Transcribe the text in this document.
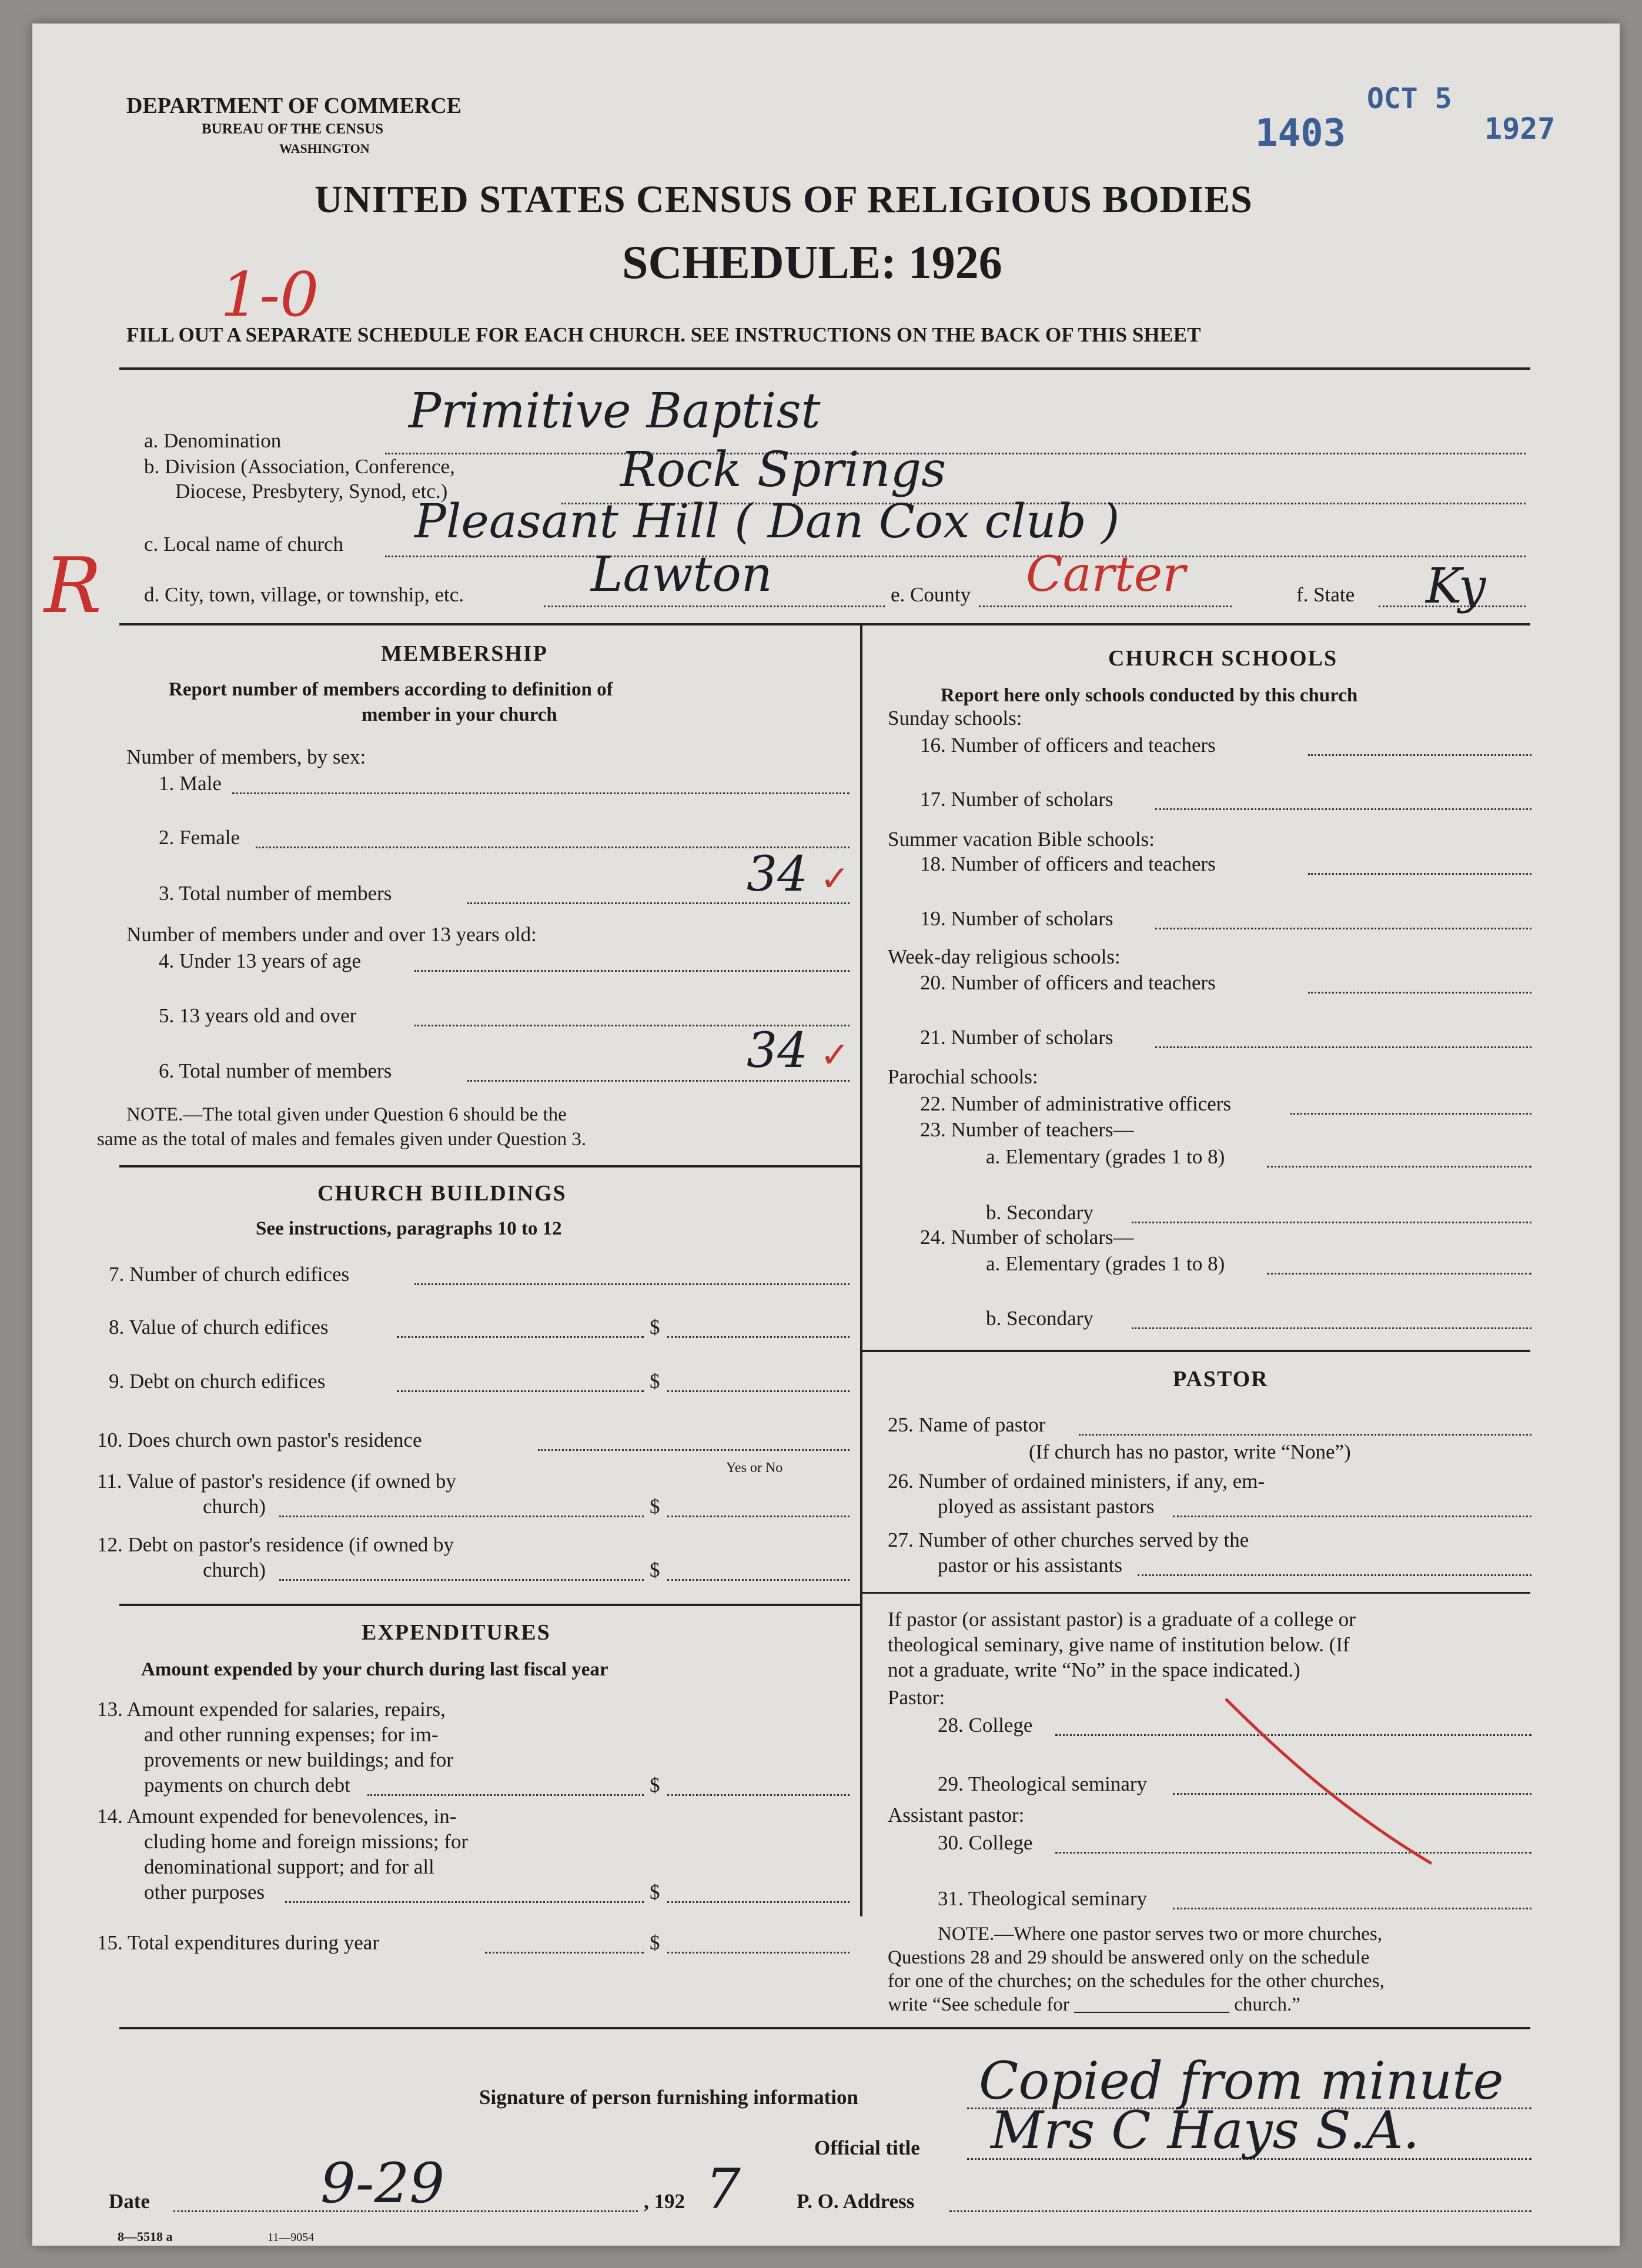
DEPARTMENT OF COMMERCE
BUREAU OF THE CENSUS
WASHINGTON
UNITED STATES CENSUS OF RELIGIOUS BODIES
SCHEDULE: 1926
FILL OUT A SEPARATE SCHEDULE FOR EACH CHURCH. SEE INSTRUCTIONS ON THE BACK OF THIS SHEET
1403
OCT 5
1927
1-0
R
a. Denomination
Primitive Baptist
b. Division (Association, Conference,
Diocese, Presbytery, Synod, etc.)	Rock Springs
c. Local name of church Pleasant Hill ( Dan Cox club )
d. City, town, village, or township, etc.	Lawton	e. County Carter	f. State Ky
MEMBERSHIP
Report number of members according to definition of
member in your church
Number of members, by sex:
1. Male
2. Female
3. Total number of members	34 ✓
Number of members under and over 13 years old:
4. Under 13 years of age
5. 13 years old and over
6. Total number of members	34 ✓
NOTE.—The total given under Question 6 should be the
same as the total of males and females given under Question 3.
CHURCH BUILDINGS
See instructions, paragraphs 10 to 12
7. Number of church edifices
8. Value of church edifices	$
9. Debt on church edifices	$
10. Does church own pastor's residence
Yes or No
11. Value of pastor's residence (if owned by
church)	$
12. Debt on pastor's residence (if owned by
church)	$
EXPENDITURES
Amount expended by your church during last fiscal year
13. Amount expended for salaries, repairs,
and other running expenses; for im-
provements or new buildings; and for
payments on church debt	$
14. Amount expended for benevolences, in-
cluding home and foreign missions; for
denominational support; and for all
other purposes	$
15. Total expenditures during year	$
CHURCH SCHOOLS
Report here only schools conducted by this church
Sunday schools:
16. Number of officers and teachers
17. Number of scholars
Summer vacation Bible schools:
18. Number of officers and teachers
19. Number of scholars
Week-day religious schools:
20. Number of officers and teachers
21. Number of scholars
Parochial schools:
22. Number of administrative officers
23. Number of teachers—
a. Elementary (grades 1 to 8)
b. Secondary
24. Number of scholars—
a. Elementary (grades 1 to 8)
b. Secondary
PASTOR
25. Name of pastor
(If church has no pastor, write “None”)
26. Number of ordained ministers, if any, em-
ployed as assistant pastors
27. Number of other churches served by the
pastor or his assistants
If pastor (or assistant pastor) is a graduate of a college or
theological seminary, give name of institution below. (If
not a graduate, write “No” in the space indicated.)
Pastor:
28. College
29. Theological seminary
Assistant pastor:
30. College
31. Theological seminary
NOTE.—Where one pastor serves two or more churches,
Questions 28 and 29 should be answered only on the schedule
for one of the churches; on the schedules for the other churches,
write “See schedule for ________________ church.”
Signature of person furnishing information Copied from minute
Official title Mrs C Hays S.A.
Date	9-29	, 192 7	P. O. Address
8—5518 a	11—9054
